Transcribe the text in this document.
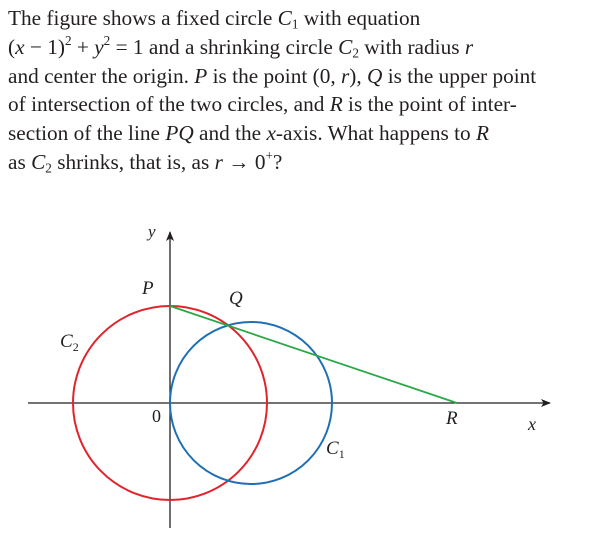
The figure shows a fixed circle $C_1$ with equation

$(x - 1)^2 + y^2 = 1$ and a shrinking circle $C_2$ with radius r

and center the origin. P is the point (0, r), Q is the upper point

of intersection of the two circles, and R is the point of inter-

section of the line PQ and the x-axis. What happens to R

as $C_2$ shrinks, that is, as r → 0+?

y
x
P	Q
0	R
$C_2$
$C_1$
